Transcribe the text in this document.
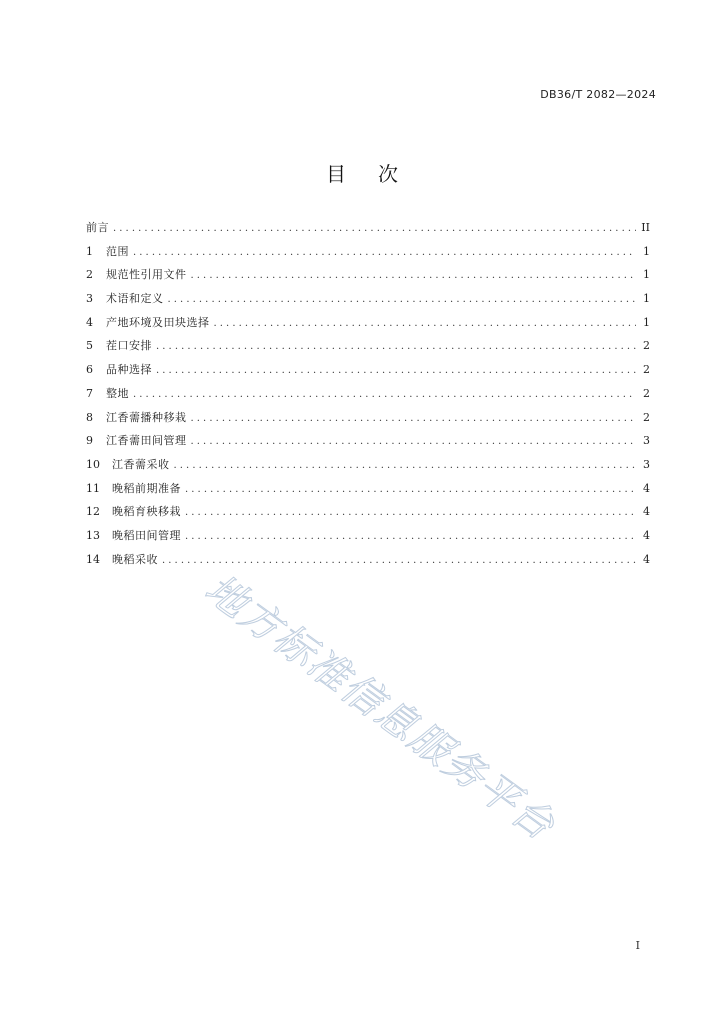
DB36/T 2082—2024
目 次
前言 .....	II
1	范围 .....	1
2	规范性引用文件 .....	1
3	术语和定义 .....	1
4	产地环境及田块选择 .....	1
5	茬口安排 .....	2
6	品种选择 .....	2
7	整地 .....	2
8	江香薷播种移栽 .....	2
9	江香薷田间管理 .....	3
10	江香薷采收 .....	3
11	晚稻前期准备 .....	4
12	晚稻育秧移栽 .....	4
13	晚稻田间管理 .....	4
14	晚稻采收 .....	4
地方标准信息服务平台
I
